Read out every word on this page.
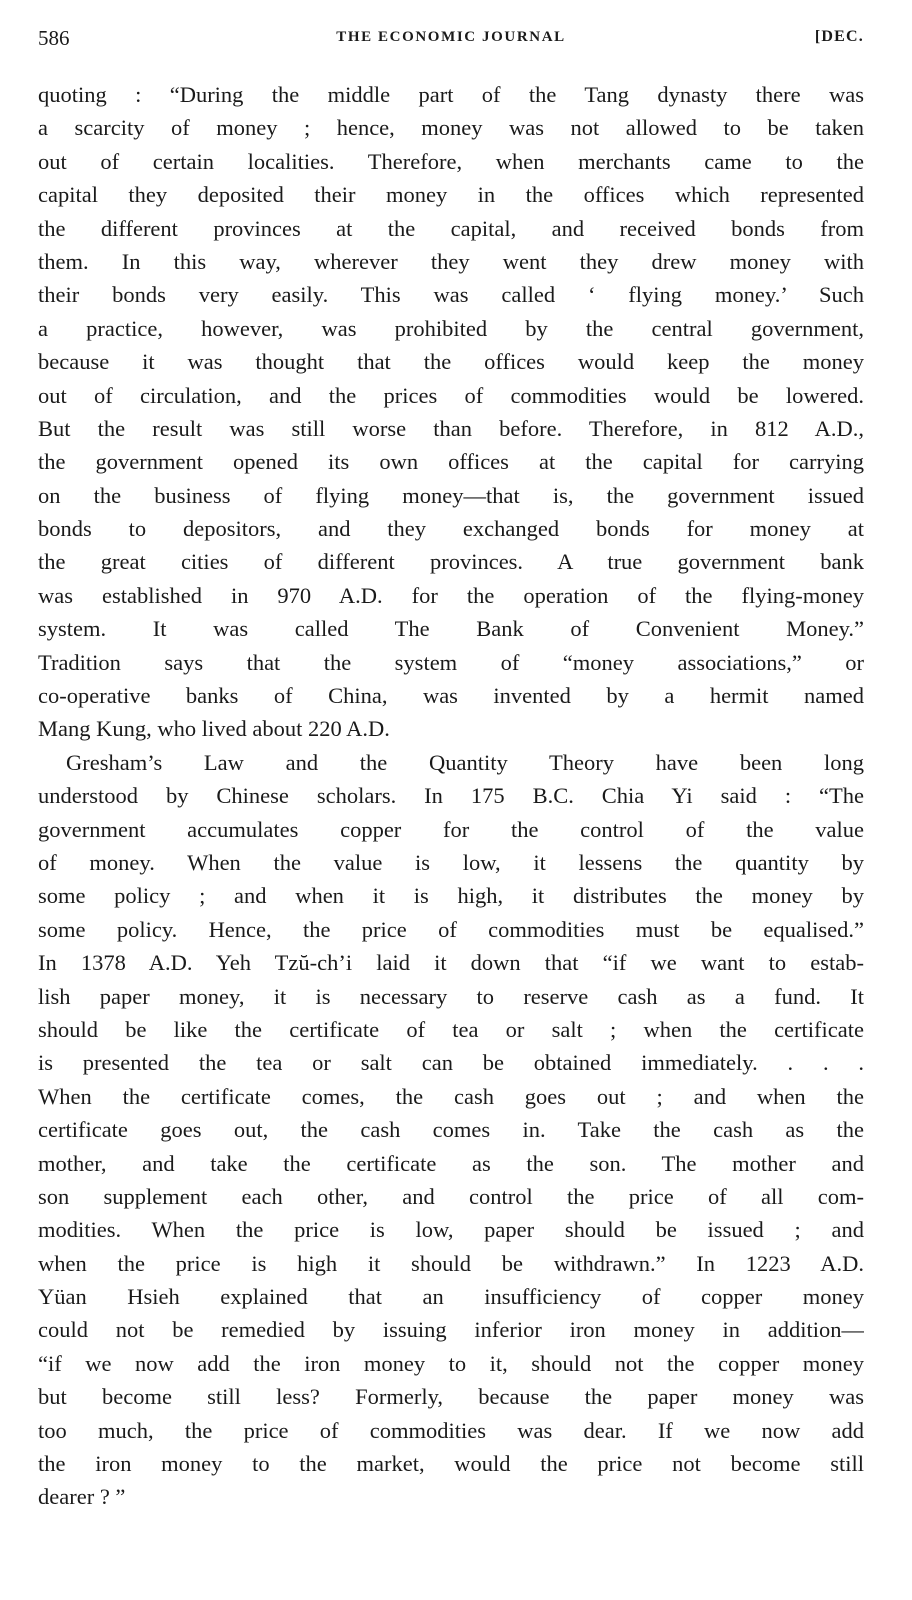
586	THE ECONOMIC JOURNAL	[DEC.
quoting : “During the middle part of the Tang dynasty there was
a scarcity of money ; hence, money was not allowed to be taken
out of certain localities. Therefore, when merchants came to the
capital they deposited their money in the offices which represented
the different provinces at the capital, and received bonds from
them. In this way, wherever they went they drew money with
their bonds very easily. This was called ‘ flying money.’ Such
a practice, however, was prohibited by the central government,
because it was thought that the offices would keep the money
out of circulation, and the prices of commodities would be lowered.
But the result was still worse than before. Therefore, in 812 A.D.,
the government opened its own offices at the capital for carrying
on the business of flying money—that is, the government issued
bonds to depositors, and they exchanged bonds for money at
the great cities of different provinces. A true government bank
was established in 970 A.D. for the operation of the flying-money
system. It was called The Bank of Convenient Money.”
Tradition says that the system of “money associations,” or
co-operative banks of China, was invented by a hermit named
Mang Kung, who lived about 220 A.D.
Gresham’s Law and the Quantity Theory have been long
understood by Chinese scholars. In 175 B.C. Chia Yi said : “The
government accumulates copper for the control of the value
of money. When the value is low, it lessens the quantity by
some policy ; and when it is high, it distributes the money by
some policy. Hence, the price of commodities must be equalised.”
In 1378 A.D. Yeh Tzŭ-ch’i laid it down that “if we want to estab-
lish paper money, it is necessary to reserve cash as a fund. It
should be like the certificate of tea or salt ; when the certificate
is presented the tea or salt can be obtained immediately. . . .
When the certificate comes, the cash goes out ; and when the
certificate goes out, the cash comes in. Take the cash as the
mother, and take the certificate as the son. The mother and
son supplement each other, and control the price of all com-
modities. When the price is low, paper should be issued ; and
when the price is high it should be withdrawn.” In 1223 A.D.
Yüan Hsieh explained that an insufficiency of copper money
could not be remedied by issuing inferior iron money in addition—
“if we now add the iron money to it, should not the copper money
but become still less? Formerly, because the paper money was
too much, the price of commodities was dear. If we now add
the iron money to the market, would the price not become still
dearer ? ”
